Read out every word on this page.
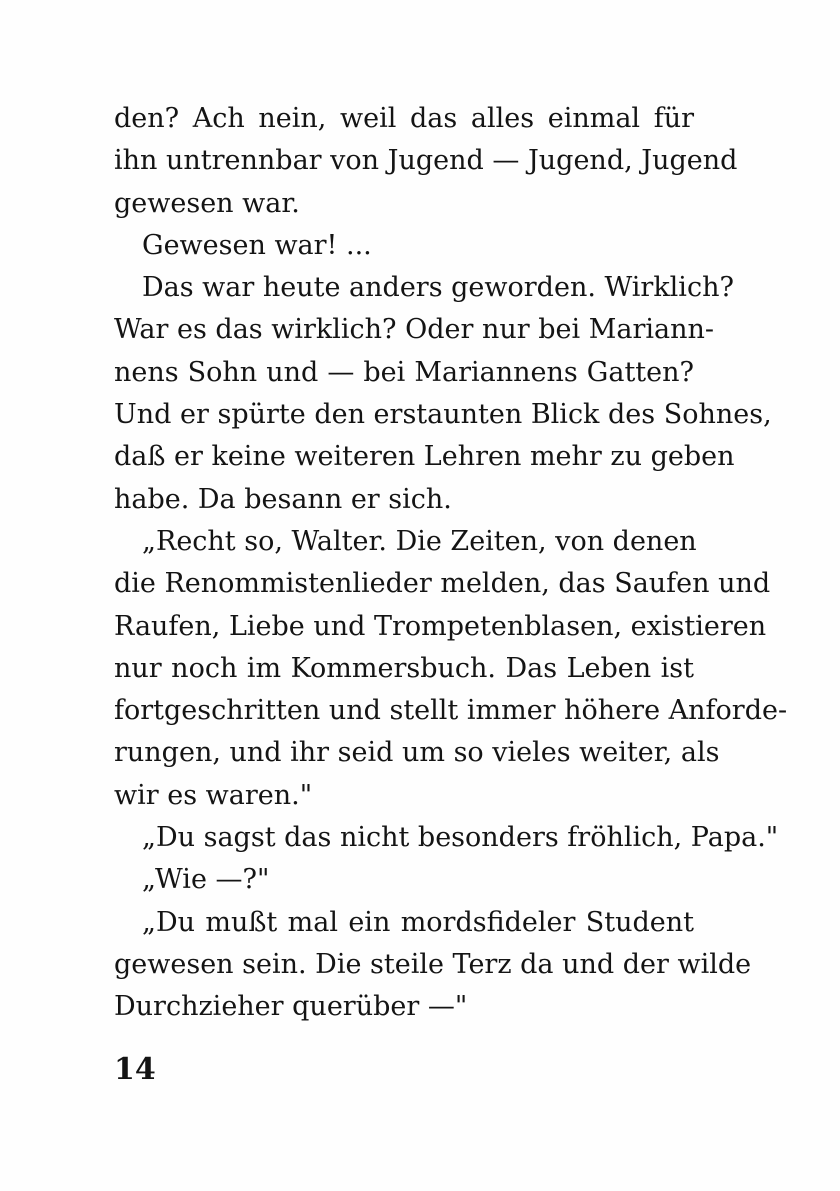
den? Ach nein, weil das alles einmal für
ihn untrennbar von Jugend — Jugend, Jugend
gewesen war.
Gewesen war! ...
Das war heute anders geworden. Wirklich?
War es das wirklich? Oder nur bei Mariann-
nens Sohn und — bei Mariannens Gatten?
Und er spürte den erstaunten Blick des Sohnes,
daß er keine weiteren Lehren mehr zu geben
habe. Da besann er sich.
„Recht so, Walter. Die Zeiten, von denen
die Renommistenlieder melden, das Saufen und
Raufen, Liebe und Trompetenblasen, existieren
nur noch im Kommersbuch. Das Leben ist
fortgeschritten und stellt immer höhere Anforde-
rungen, und ihr seid um so vieles weiter, als
wir es waren."
„Du sagst das nicht besonders fröhlich, Papa."
„Wie —?"
„Du mußt mal ein mordsfideler Student
gewesen sein. Die steile Terz da und der wilde
Durchzieher querüber —"
14
